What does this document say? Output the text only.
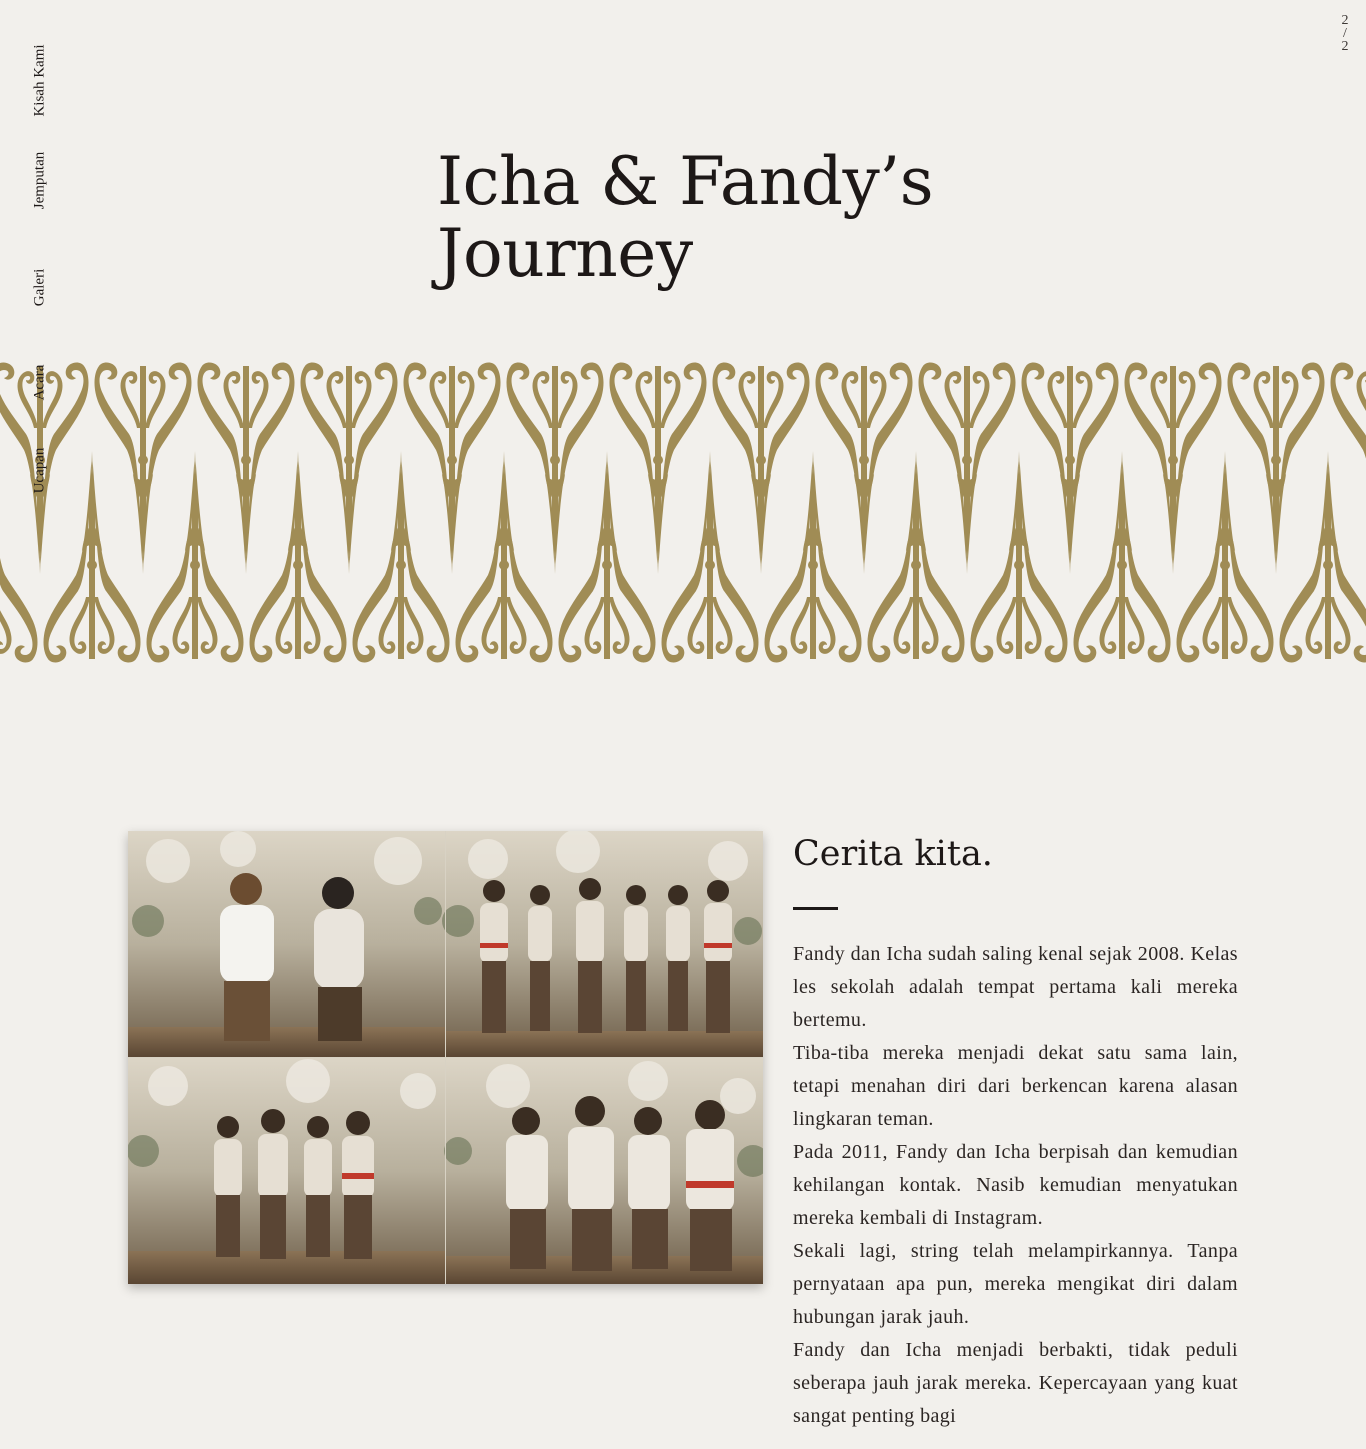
Kisah Kami
Jemputan
Galeri
Acara
Ucapan
2
/
2
Icha & Fandy’s
Journey
Cerita kita.

Fandy dan Icha sudah saling kenal sejak 2008. Kelas les sekolah adalah tempat pertama kali mereka bertemu.

Tiba-tiba mereka menjadi dekat satu sama lain, tetapi menahan diri dari berkencan karena alasan lingkaran teman.

Pada 2011, Fandy dan Icha berpisah dan kemudian kehilangan kontak. Nasib kemudian menyatukan mereka kembali di Instagram.

Sekali lagi, string telah melampirkannya. Tanpa pernyataan apa pun, mereka mengikat diri dalam hubungan jarak jauh.

Fandy dan Icha menjadi berbakti, tidak peduli seberapa jauh jarak mereka. Kepercayaan yang kuat sangat penting bagi
